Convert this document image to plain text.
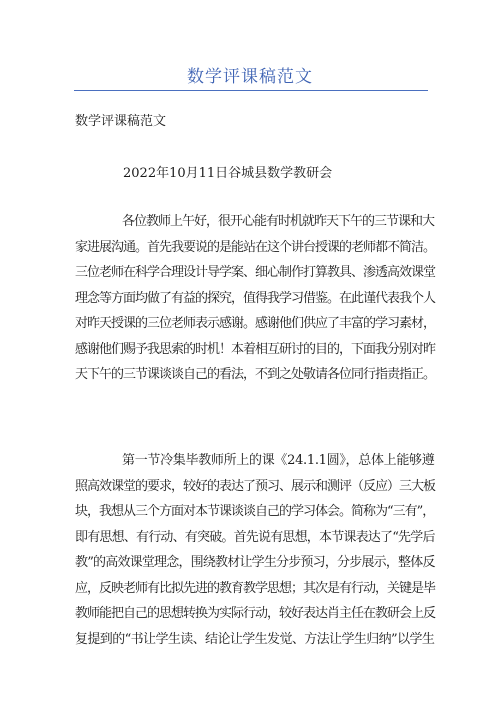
数学评课稿范文
数学评课稿范文
2022年10月11日谷城县数学教研会
各位教师上午好，很开心能有时机就昨天下午的三节课和大
家进展沟通。首先我要说的是能站在这个讲台授课的老师都不简洁。
三位老师在科学合理设计导学案、细心制作打算教具、渗透高效课堂
理念等方面均做了有益的探究，值得我学习借鉴。在此谨代表我个人
对昨天授课的三位老师表示感谢。感谢他们供应了丰富的学习素材，
感谢他们赐予我思索的时机！本着相互研讨的目的，下面我分别对昨
天下午的三节课谈谈自己的看法，不到之处敬请各位同行指责指正。
第一节冷集毕教师所上的课《24.1.1圆》，总体上能够遵
照高效课堂的要求，较好的表达了预习、展示和测评（反应）三大板
块，我想从三个方面对本节课谈谈自己的学习体会。简称为“三有”，
即有思想、有行动、有突破。首先说有思想，本节课表达了“先学后
教”的高效课堂理念，围绕教材让学生分步预习，分步展示，整体反
应，反映老师有比拟先进的教育教学思想；其次是有行动，关键是毕
教师能把自己的思想转换为实际行动，较好表达肖主任在教研会上反
复提到的“书让学生读、结论让学生发觉、方法让学生归纳”以学生
